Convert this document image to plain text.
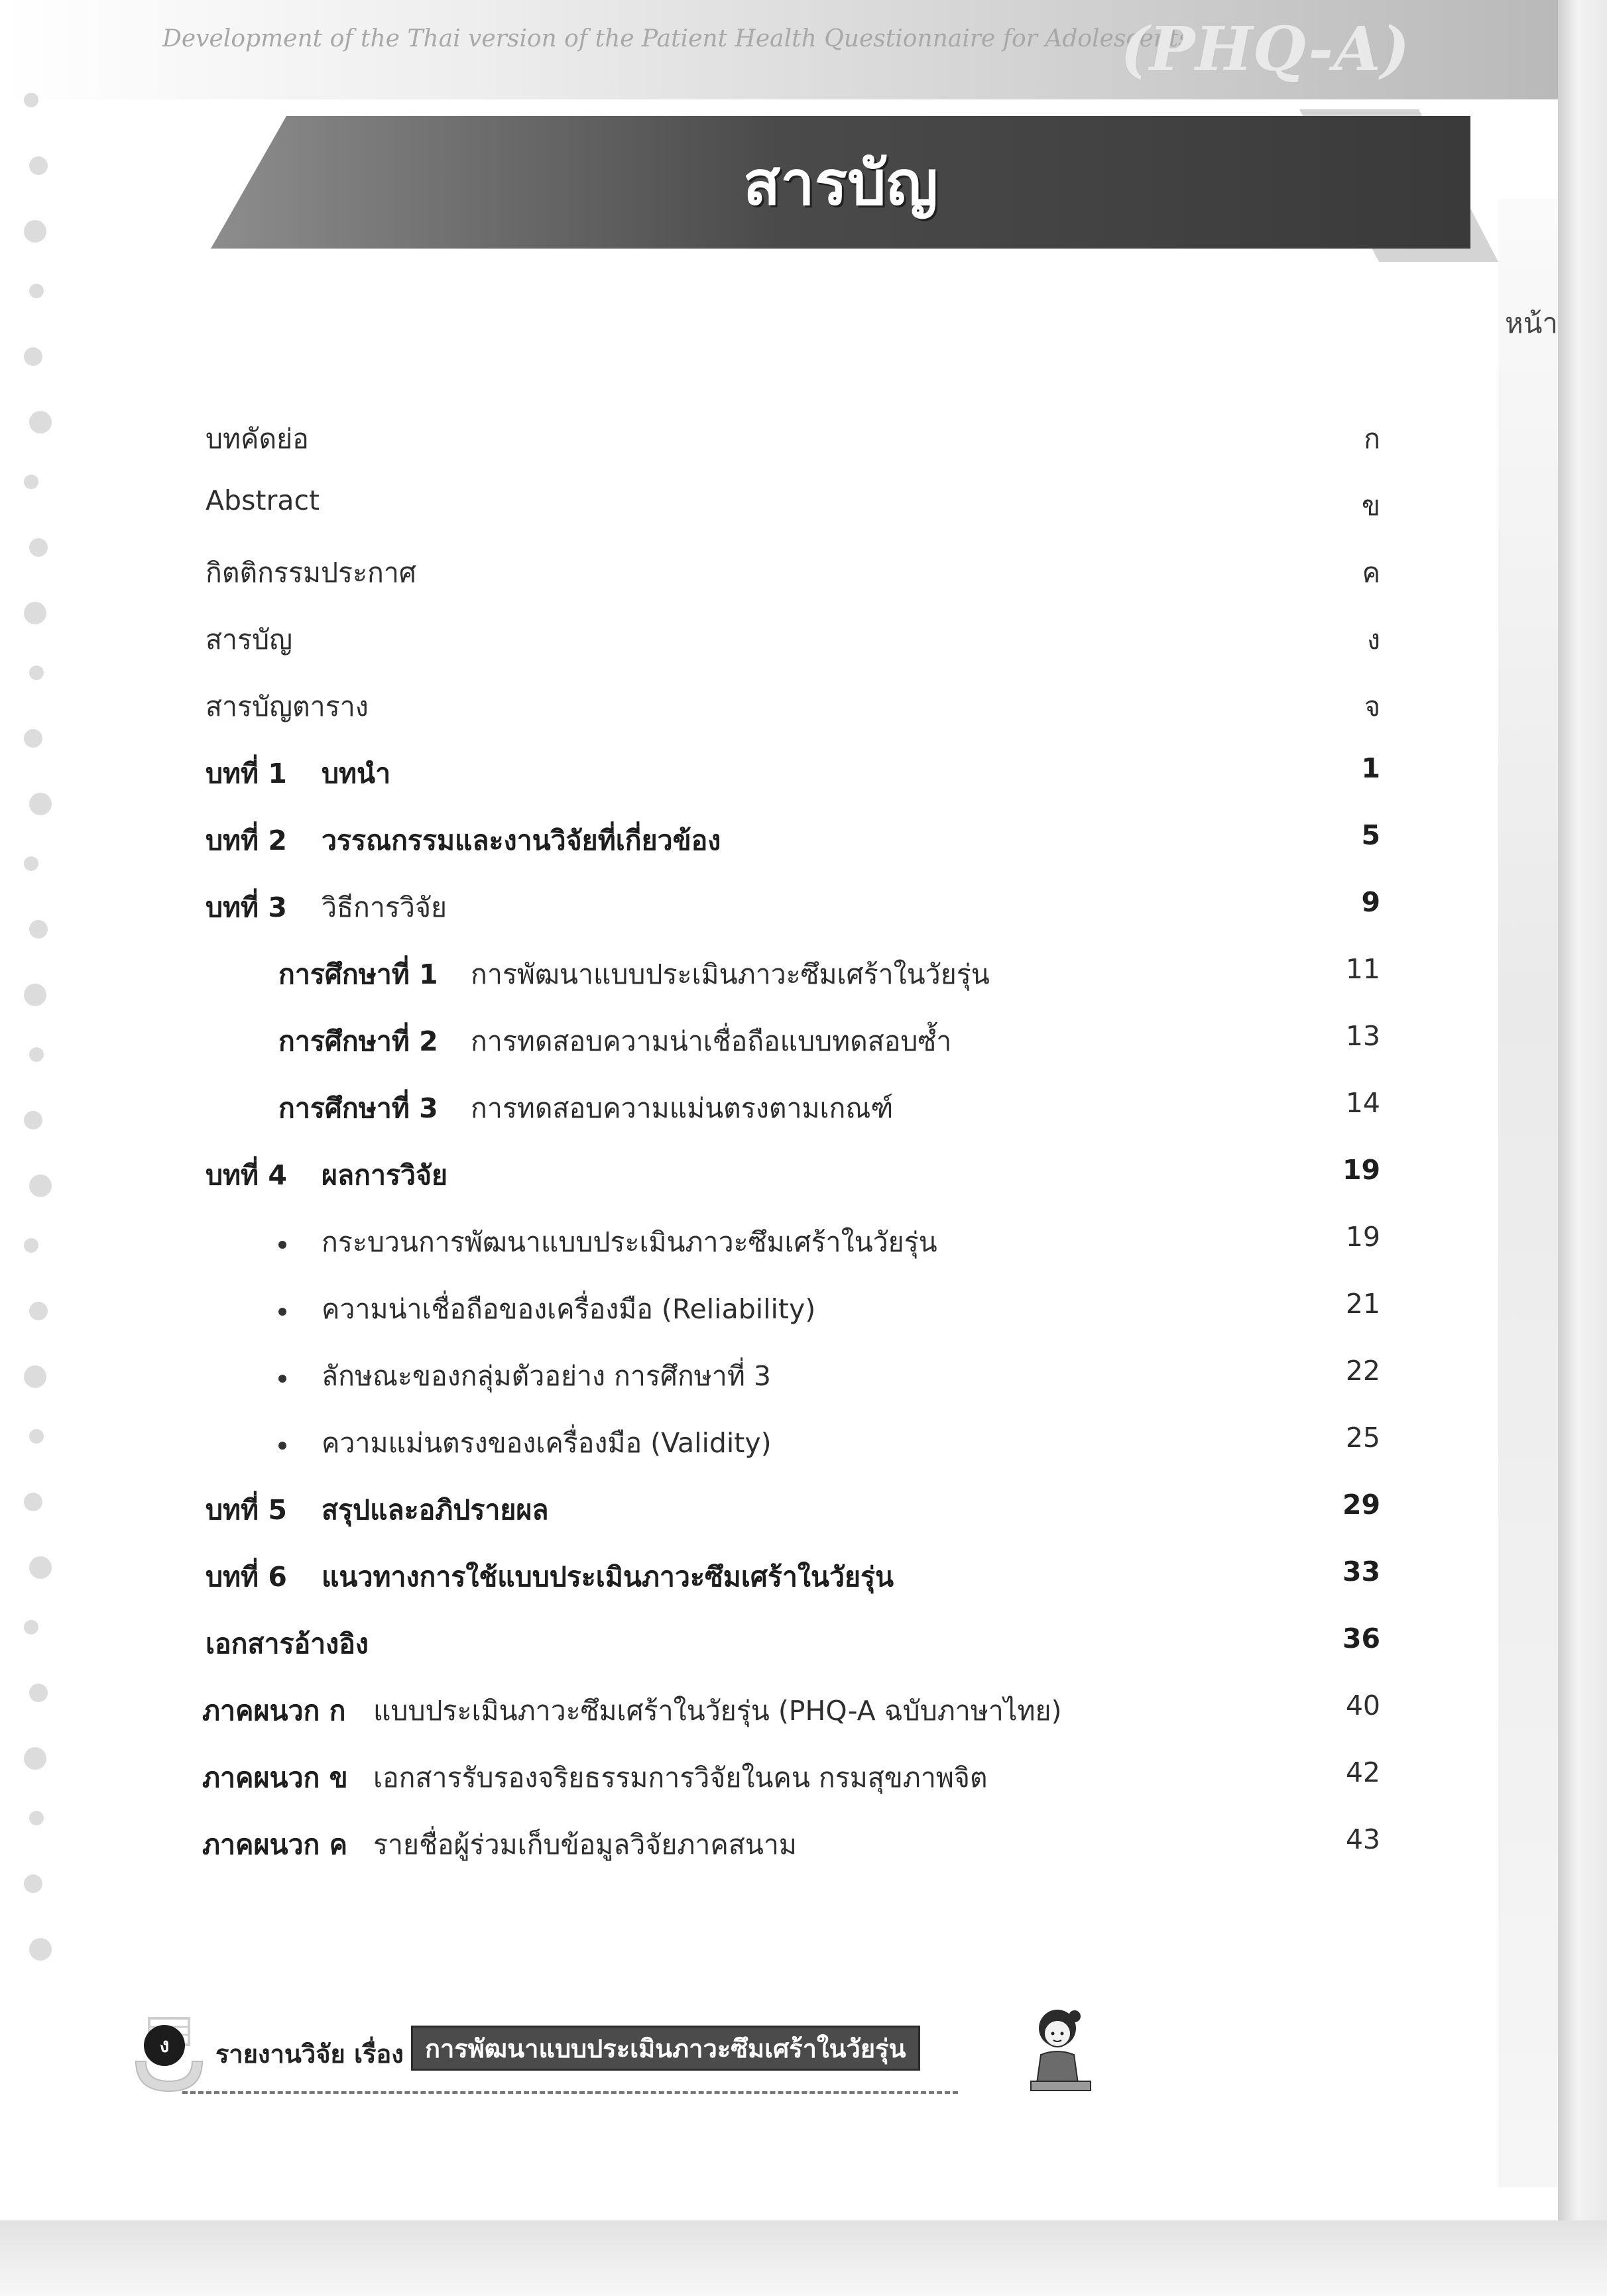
Development of the Thai version of the Patient Health Questionnaire for Adolescents
(PHQ-A)
สารบัญ
หน้า
บทคัดย่อ	ก
Abstract	ข
กิตติกรรมประกาศ	ค
สารบัญ	ง
สารบัญตาราง	จ
บทที่ 1 บทนำ	1
บทที่ 2 วรรณกรรมและงานวิจัยที่เกี่ยวข้อง	5
บทที่ 3 วิธีการวิจัย	9
การศึกษาที่ 1 การพัฒนาแบบประเมินภาวะซึมเศร้าในวัยรุ่น	11
การศึกษาที่ 2 การทดสอบความน่าเชื่อถือแบบทดสอบซ้ำ	13
การศึกษาที่ 3 การทดสอบความแม่นตรงตามเกณฑ์	14
บทที่ 4 ผลการวิจัย	19
กระบวนการพัฒนาแบบประเมินภาวะซึมเศร้าในวัยรุ่น	19
ความน่าเชื่อถือของเครื่องมือ (Reliability)	21
ลักษณะของกลุ่มตัวอย่าง การศึกษาที่ 3	22
ความแม่นตรงของเครื่องมือ (Validity)	25
บทที่ 5 สรุปและอภิปรายผล	29
บทที่ 6 แนวทางการใช้แบบประเมินภาวะซึมเศร้าในวัยรุ่น	33
เอกสารอ้างอิง	36
ภาคผนวก ก แบบประเมินภาวะซึมเศร้าในวัยรุ่น (PHQ-A ฉบับภาษาไทย)	40
ภาคผนวก ข เอกสารรับรองจริยธรรมการวิจัยในคน กรมสุขภาพจิต	42
ภาคผนวก ค รายชื่อผู้ร่วมเก็บข้อมูลวิจัยภาคสนาม	43
ง	รายงานวิจัย เรื่อง การพัฒนาแบบประเมินภาวะซึมเศร้าในวัยรุ่น
